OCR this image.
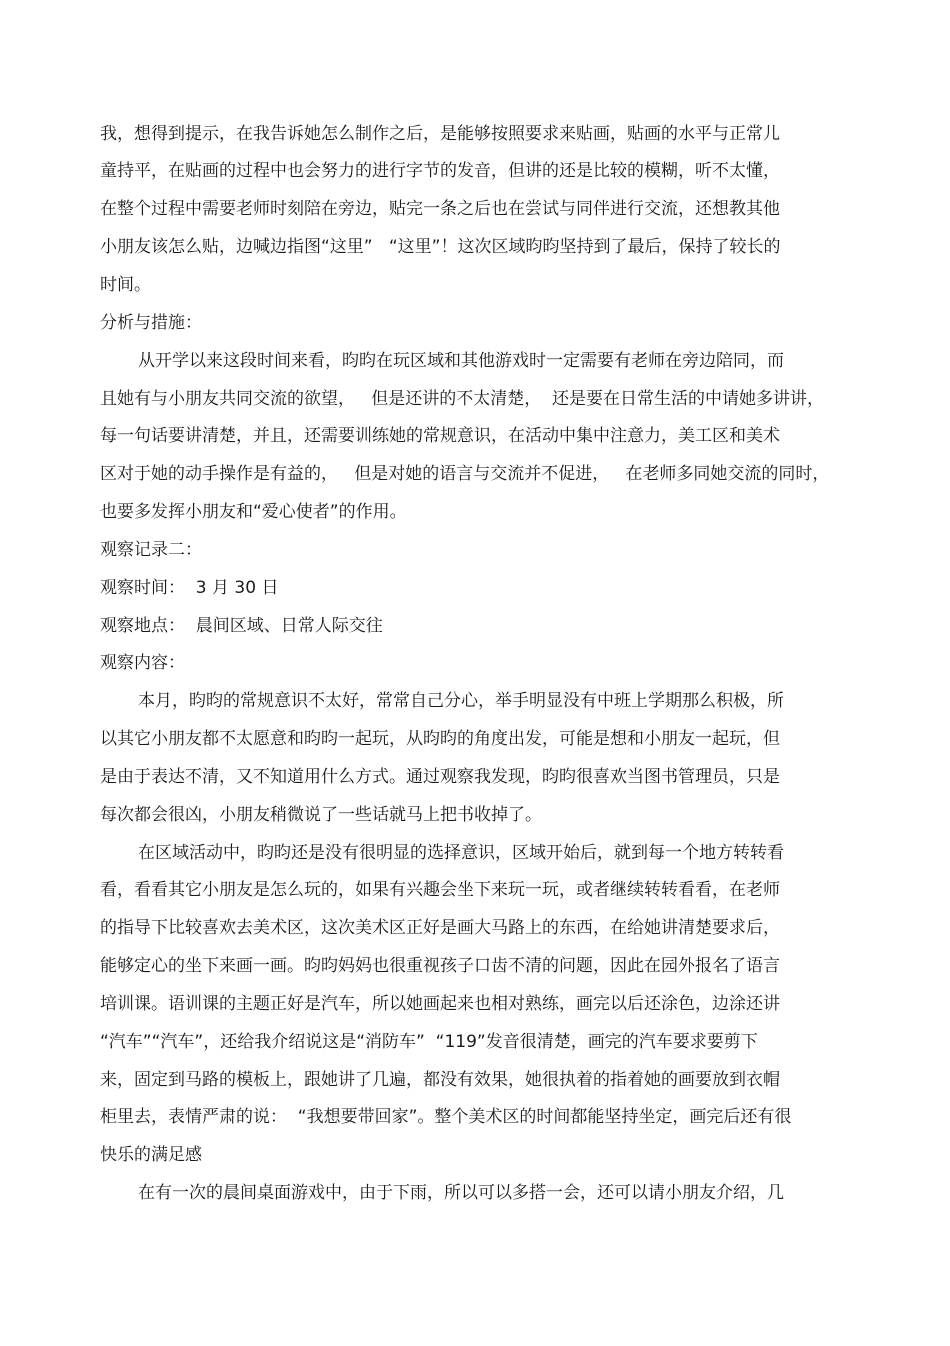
我，想得到提示，在我告诉她怎么制作之后，是能够按照要求来贴画，贴画的水平与正常儿
童持平，在贴画的过程中也会努力的进行字节的发音，但讲的还是比较的模糊，听不太懂，
在整个过程中需要老师时刻陪在旁边，贴完一条之后也在尝试与同伴进行交流，还想教其他
小朋友该怎么贴，边喊边指图“这里”   “这里”！这次区域昀昀坚持到了最后，保持了较长的
时间。
分析与措施：
从开学以来这段时间来看，昀昀在玩区域和其他游戏时一定需要有老师在旁边陪同，而
且她有与小朋友共同交流的欲望，   但是还讲的不太清楚，  还是要在日常生活的中请她多讲讲，
每一句话要讲清楚，并且，还需要训练她的常规意识，在活动中集中注意力，美工区和美术
区对于她的动手操作是有益的，   但是对她的语言与交流并不促进，   在老师多同她交流的同时，
也要多发挥小朋友和“爱心使者”的作用。
观察记录二：
观察时间：  3 月 30 日
观察地点：  晨间区域、日常人际交往
观察内容：
本月，昀昀的常规意识不太好，常常自己分心，举手明显没有中班上学期那么积极，所
以其它小朋友都不太愿意和昀昀一起玩，从昀昀的角度出发，可能是想和小朋友一起玩，但
是由于表达不清，又不知道用什么方式。通过观察我发现，昀昀很喜欢当图书管理员，只是
每次都会很凶，小朋友稍微说了一些话就马上把书收掉了。
在区域活动中，昀昀还是没有很明显的选择意识，区域开始后，就到每一个地方转转看
看，看看其它小朋友是怎么玩的，如果有兴趣会坐下来玩一玩，或者继续转转看看，在老师
的指导下比较喜欢去美术区，这次美术区正好是画大马路上的东西，在给她讲清楚要求后，
能够定心的坐下来画一画。昀昀妈妈也很重视孩子口齿不清的问题，因此在园外报名了语言
培训课。语训课的主题正好是汽车，所以她画起来也相对熟练，画完以后还涂色，边涂还讲
“汽车”“汽车”，还给我介绍说这是“消防车”  “119”发音很清楚，画完的汽车要求要剪下
来，固定到马路的模板上，跟她讲了几遍，都没有效果，她很执着的指着她的画要放到衣帽
柜里去，表情严肃的说：  “我想要带回家”。整个美术区的时间都能坚持坐定，画完后还有很
快乐的满足感
在有一次的晨间桌面游戏中，由于下雨，所以可以多搭一会，还可以请小朋友介绍，几
